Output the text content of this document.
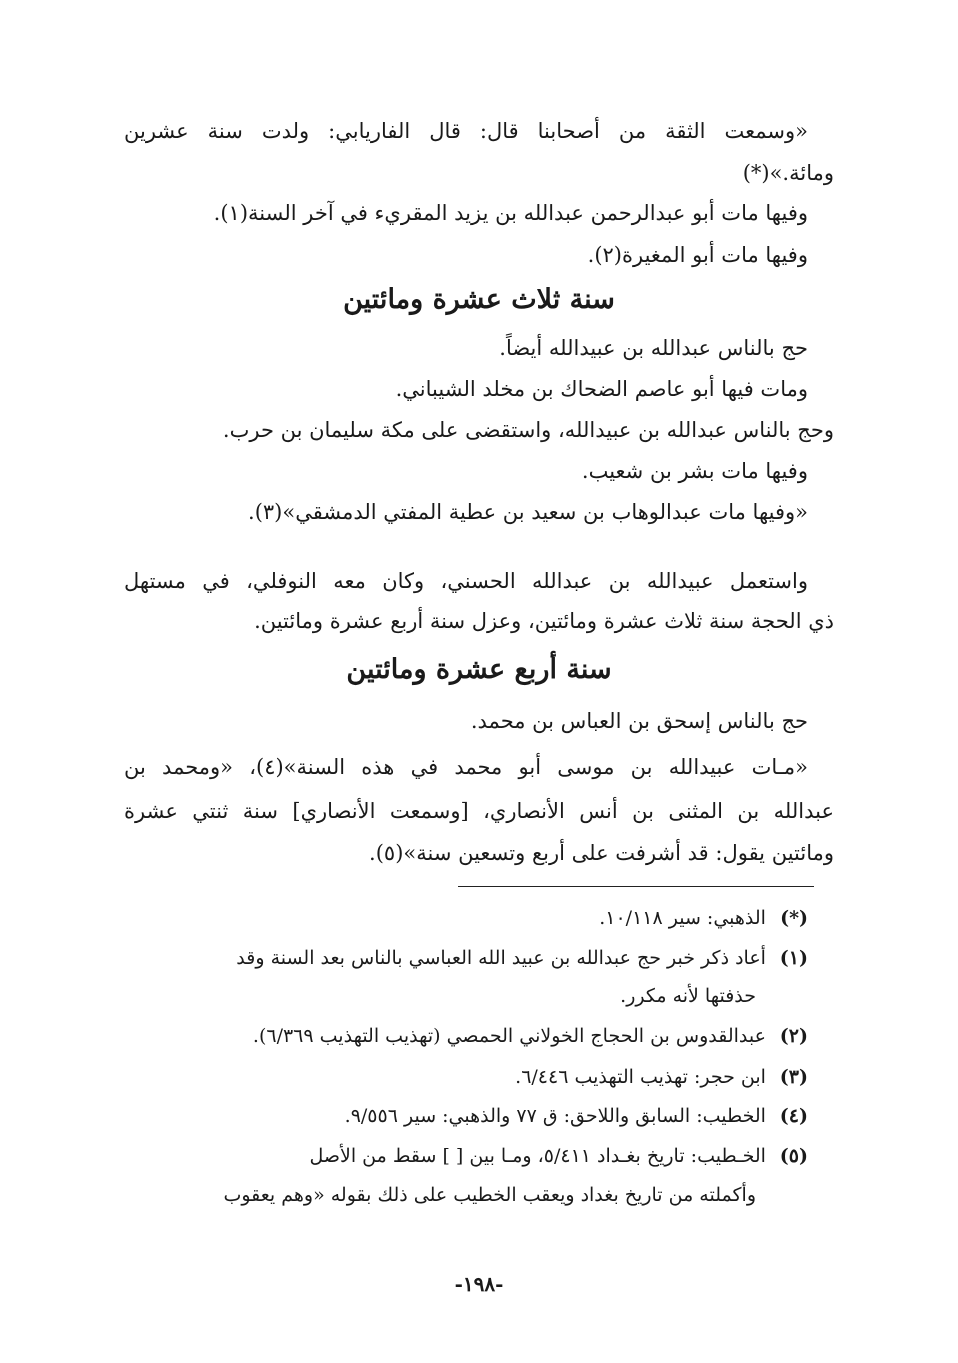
«وسمعت الثقة من أصحابنا قال: قال الفاريابي: ولدت سنة عشرين
ومائة.»(*)
وفيها مات أبو عبدالرحمن عبدالله بن يزيد المقريء في آخر السنة(١).
وفيها مات أبو المغيرة(٢).
سنة ثلاث عشرة ومائتين
حج بالناس عبدالله بن عبيدالله أيضاً.
ومات فيها أبو عاصم الضحاك بن مخلد الشيباني.
وحج بالناس عبدالله بن عبيدالله، واستقضى على مكة سليمان بن حرب.
وفيها مات بشر بن شعيب.
«وفيها مات عبدالوهاب بن سعيد بن عطية المفتي الدمشقي»(٣).
واستعمل عبيدالله بن عبدالله الحسني، وكان معه النوفلي، في مستهل
ذي الحجة سنة ثلاث عشرة ومائتين، وعزل سنة أربع عشرة ومائتين.
سنة أربع عشرة ومائتين
حج بالناس إسحق بن العباس بن محمد.
«مـات عبيدالله بن موسى أبو محمد في هذه السنة»(٤)، «ومحمد بن
عبدالله بن المثنى بن أنس الأنصاري، [وسمعت الأنصاري] سنة ثنتي عشرة
ومائتين يقول: قد أشرفت على أربع وتسعين سنة»(٥).
(*) الذهبي: سير ١٠/١١٨.
(١) أعاد ذكر خبر حج عبدالله بن عبيد الله العباسي بالناس بعد السنة وقد
حذفتها لأنه مكرر.
(٢) عبدالقدوس بن الحجاج الخولاني الحمصي (تهذيب التهذيب ٦/٣٦٩).
(٣) ابن حجر: تهذيب التهذيب ٦/٤٤٦.
(٤) الخطيب: السابق واللاحق: ق ٧٧ والذهبي: سير ٩/٥٥٦.
(٥) الخـطيب: تاريخ بغـداد ٥/٤١١، ومـا بين [ ] سقط من الأصل
وأكملته من تاريخ بغداد ويعقب الخطيب على ذلك بقوله «وهم يعقوب
-١٩٨-
